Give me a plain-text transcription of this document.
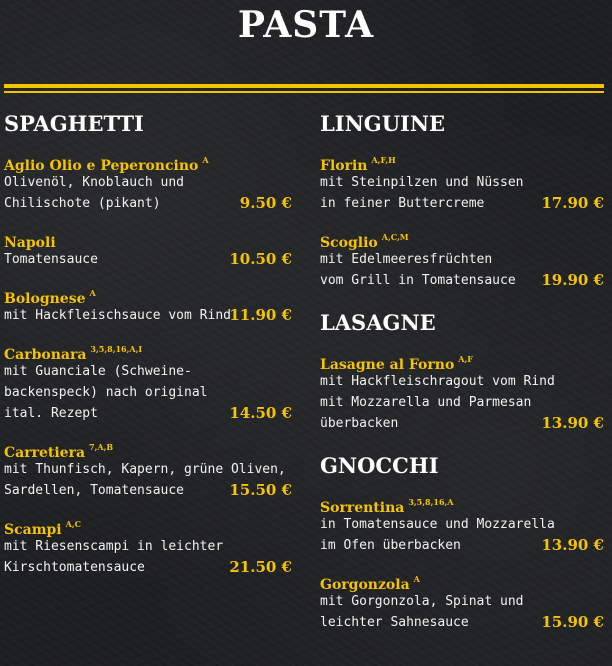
PASTA
SPAGHETTI
Aglio Olio e Peperoncino $^A$
Olivenöl, Knoblauch und
Chilischote (pikant)	9.50 €
Napoli
Tomatensauce	10.50 €
Bolognese $^A$
mit Hackfleischsauce vom Rind
11.90 €
Carbonara $^{3,5,8,16,A,I}$
mit Guanciale (Schweine-
backenspeck) nach original
ital. Rezept	14.50 €
Carretiera $^{7,A,B}$
mit Thunfisch, Kapern, grüne Oliven,
Sardellen, Tomatensauce	15.50 €
Scampi $^{A,C}$
mit Riesenscampi in leichter
Kirschtomatensauce	21.50 €
LINGUINE
Florin $^{A,F,H}$
mit Steinpilzen und Nüssen
in feiner Buttercreme	17.90 €
Scoglio $^{A,C,M}$
mit Edelmeeresfrüchten
vom Grill in Tomatensauce	19.90 €
LASAGNE
Lasagne al Forno $^{A,F}$
mit Hackfleischragout vom Rind
mit Mozzarella und Parmesan
überbacken	13.90 €
GNOCCHI
Sorrentina $^{3,5,8,16,A}$
in Tomatensauce und Mozzarella
im Ofen überbacken	13.90 €
Gorgonzola $^A$
mit Gorgonzola, Spinat und
leichter Sahnesauce	15.90 €
